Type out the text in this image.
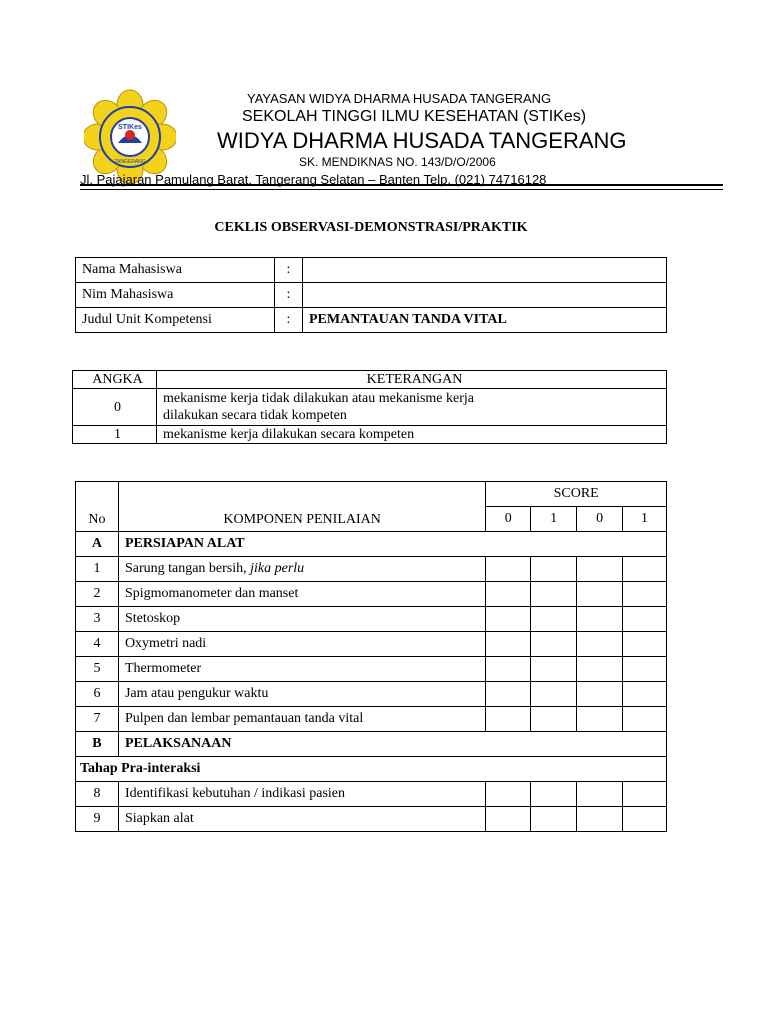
STIKes
TANGERANG
YAYASAN WIDYA DHARMA HUSADA TANGERANG
SEKOLAH TINGGI ILMU KESEHATAN (STIKes)
WIDYA DHARMA HUSADA TANGERANG
SK. MENDIKNAS NO. 143/D/O/2006
Jl. Pajajaran Pamulang Barat, Tangerang Selatan – Banten Telp. (021) 74716128
CEKLIS OBSERVASI-DEMONSTRASI/PRAKTIK
Nama Mahasiswa	:	
Nim Mahasiswa	:	
Judul Unit Kompetensi	:	PEMANTAUAN TANDA VITAL
ANGKA	KETERANGAN
0	mekanisme kerja tidak dilakukan atau mekanisme kerja
dilakukan secara tidak kompeten

1	mekanisme kerja dilakukan secara kompeten
No	KOMPONEN PENILAIAN	SCORE			
		0	1	0	1
A	PERSIAPAN ALAT				
1	Sarung tangan bersih, jika perlu				
2	Spigmomanometer dan manset				
3	Stetoskop				
4	Oxymetri nadi				
5	Thermometer				
6	Jam atau pengukur waktu				
7	Pulpen dan lembar pemantauan tanda vital				
B	PELAKSANAAN				
Tahap Pra-interaksi					
8	Identifikasi kebutuhan / indikasi pasien				
9	Siapkan alat				
